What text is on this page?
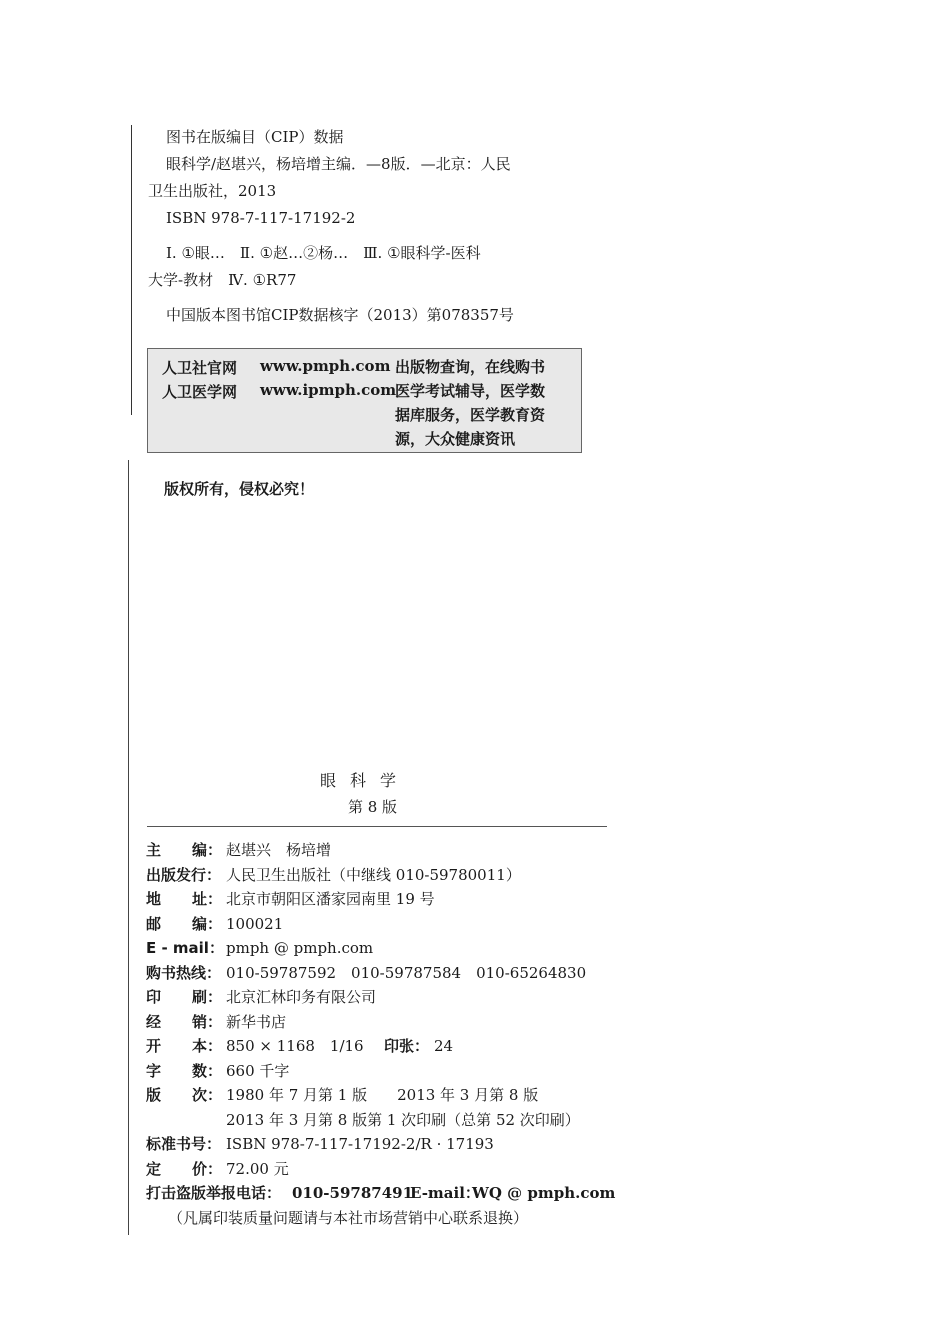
图书在版编目（CIP）数据
眼科学/赵堪兴，杨培增主编．—8版．—北京：人民
卫生出版社，2013
ISBN 978-7-117-17192-2
Ⅰ. ①眼…　Ⅱ. ①赵…②杨…　Ⅲ. ①眼科学-医科
大学-教材　Ⅳ. ①R77
中国版本图书馆CIP数据核字（2013）第078357号
人卫社官网 www.pmph.com
人卫医学网 www.ipmph.com
出版物查询，在线购书
医学考试辅导，医学数
据库服务，医学教育资
源，大众健康资讯
版权所有，侵权必究！
眼科学
第 8 版
主 编： 赵堪兴　杨培增
出版发行： 人民卫生出版社（中继线 010-59780011）
地 址： 北京市朝阳区潘家园南里 19 号
邮 编： 100021
E - mail： pmph @ pmph.com
购书热线： 010-59787592　010-59787584　010-65264830
印 刷： 北京汇林印务有限公司
经 销： 新华书店
开 本： 850 × 1168　1/16 印张： 24
字 数： 660 千字
版 次： 1980 年 7 月第 1 版　　2013 年 3 月第 8 版
2013 年 3 月第 8 版第 1 次印刷（总第 52 次印刷）
标准书号： ISBN 978-7-117-17192-2/R · 17193
定 价： 72.00 元
打击盗版举报电话： 010-59787491
E-mail：
WQ @ pmph.com
（凡属印装质量问题请与本社市场营销中心联系退换）
